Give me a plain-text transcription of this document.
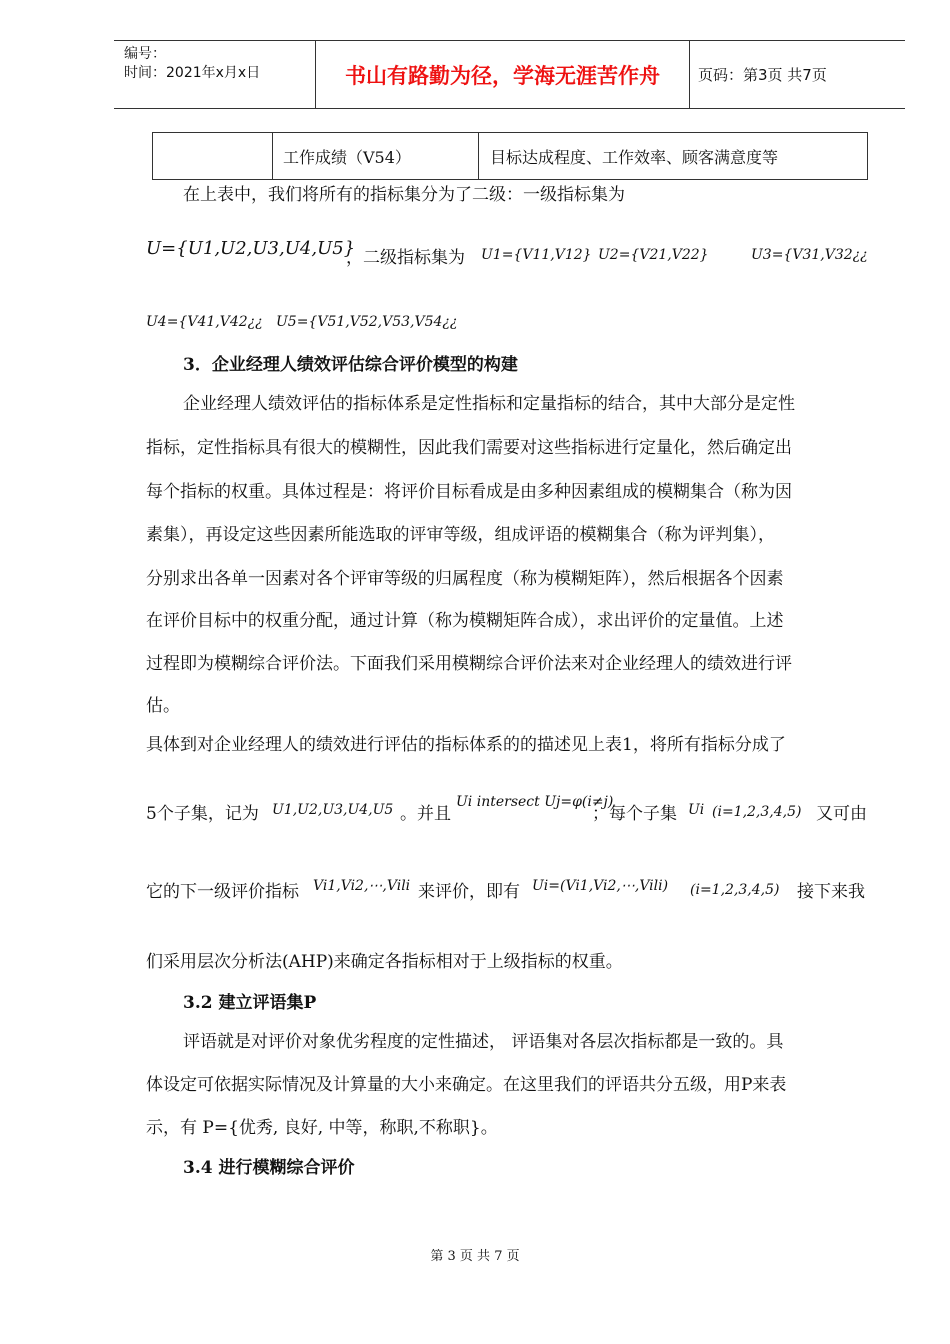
编号：
时间：2021年x月x日	书山有路勤为径，学海无涯苦作舟	页码：第3页 共7页
工作成绩（V54）	目标达成程度、工作效率、顾客满意度等
在上表中，我们将所有的指标集分为了二级：一级指标集为
U={U1,U2,U3,U4,U5}
，二级指标集为 U1={V11,V12} U2={V21,V22}	U3={V31,V32¿¿
U4={V41,V42¿¿ U5={V51,V52,V53,V54¿¿
3．企业经理人绩效评估综合评价模型的构建
企业经理人绩效评估的指标体系是定性指标和定量指标的结合，其中大部分是定性
指标，定性指标具有很大的模糊性，因此我们需要对这些指标进行定量化，然后确定出
每个指标的权重。具体过程是：将评价目标看成是由多种因素组成的模糊集合（称为因
素集），再设定这些因素所能选取的评审等级，组成评语的模糊集合（称为评判集），
分别求出各单一因素对各个评审等级的归属程度（称为模糊矩阵），然后根据各个因素
在评价目标中的权重分配，通过计算（称为模糊矩阵合成），求出评价的定量值。上述
过程即为模糊综合评价法。下面我们采用模糊综合评价法来对企业经理人的绩效进行评
估。
具体到对企业经理人的绩效进行评估的指标体系的的描述见上表1，将所有指标分成了
5个子集，记为 U1,U2,U3,U4,U5 。并且
Ui intersect Uj=φ(i≠j)
；每个子集 Ui (i=1,2,3,4,5) 又可由
它的下一级评价指标 Vi1,Vi2,⋯,Vili 来评价，即有 Ui=(Vi1,Vi2,⋯,Vili) (i=1,2,3,4,5) 接下来我
们采用层次分析法(AHP)来确定各指标相对于上级指标的权重。
3.2 建立评语集P
评语就是对评价对象优劣程度的定性描述， 评语集对各层次指标都是一致的。具
体设定可依据实际情况及计算量的大小来确定。在这里我们的评语共分五级，用P来表
示，有 P={优秀, 良好, 中等，称职,不称职}。
3.4 进行模糊综合评价
第 3 页 共 7 页
